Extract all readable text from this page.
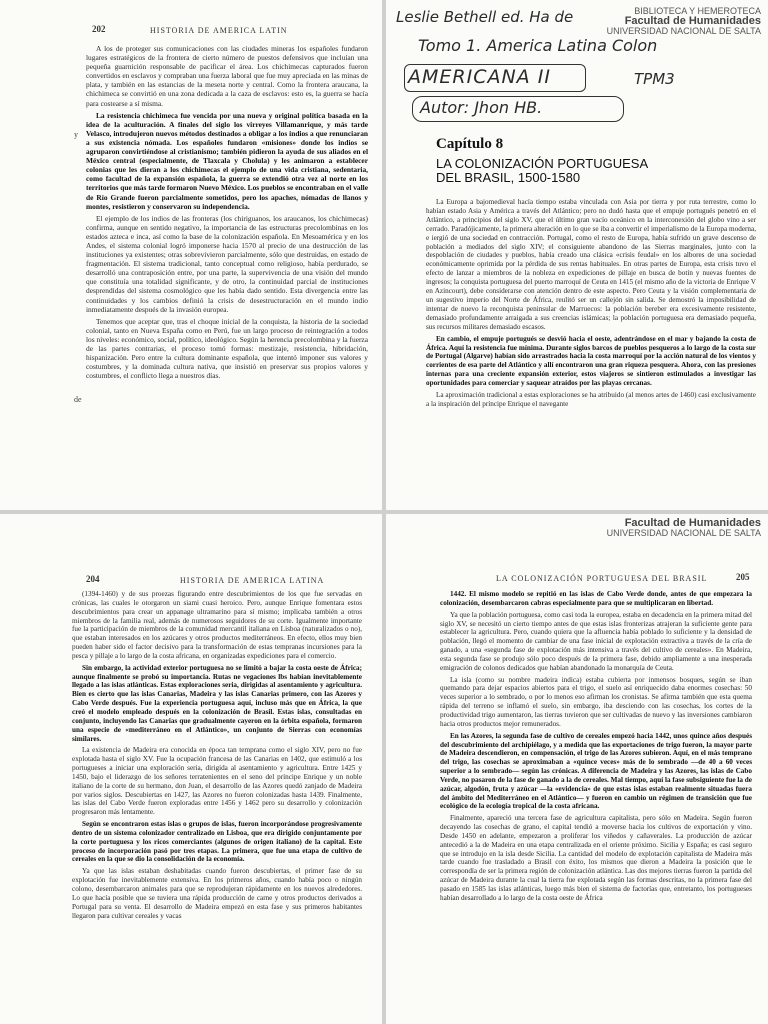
202	HISTORIA DE AMERICA LATIN

A los de proteger sus comunicaciones con las ciudades mineras los españoles fundaron lugares estratégicos de la frontera de cierto número de puestos defensivos que incluían una pequeña guarnición responsable de pacificar el área. Los chichimecas capturados fueron convertidos en esclavos y compraban una fuerza laboral que fue muy apreciada en las minas de plata, y también en las estancias de la meseta norte y central. Como la frontera araucana, la chichimeca se convirtió en una zona dedicada a la caza de esclavos: esto es, la guerra se hacía para costearse a sí misma.

La resistencia chichimeca fue vencida por una nueva y original política basada en la idea de la aculturación. A finales del siglo los virreyes Villamanrique, y más tarde Velasco, introdujeron nuevos métodos destinados a obligar a los indios a que renunciaran a sus existencia nómada. Los españoles fundaron «misiones» donde los indios se agruparon convirtiéndose al cristianismo; también pidieron la ayuda de sus aliados en el México central (especialmente, de Tlaxcala y Cholula) y les animaron a establecer colonias que les dieran a los chichimecas el ejemplo de una vida cristiana, sedentaria, como facultad de la expansión española, la guerra se extendió otra vez al norte en los territorios que más tarde formaron Nuevo México. Los pueblos se encontraban en el valle de Río Grande fueron parcialmente sometidos, pero los apaches, nómadas de llanos y montes, resistieron y conservaron su independencia.

El ejemplo de los indios de las fronteras (los chiriguanos, los araucanos, los chichimecas) confirma, aunque en sentido negativo, la importancia de las estructuras precolombinas en los estados azteca e inca, así como la base de la colonización española. En Mesoamérica y en los Andes, el sistema colonial logró imponerse hacia 1570 al precio de una destrucción de las instituciones ya existentes; otras sobrevivieron parcialmente, sólo que destruidas, en estado de fragmentación. El sistema tradicional, tanto conceptual como religioso, había perdurado, se desarrolló una contraposición entre, por una parte, la supervivencia de una visión del mundo que constituía una totalidad significante, y de otro, la continuidad parcial de instituciones desprendidas del sistema cosmológico que les había dado sentido. Esta divergencia entre las continuidades y los cambios definió la crisis de desestructuración en el mundo indio inmediatamente después de la invasión europea.

Tenemos que aceptar que, tras el choque inicial de la conquista, la historia de la sociedad colonial, tanto en Nueva España como en Perú, fue un largo proceso de reintegración a todos los niveles: económico, social, político, ideológico. Según la herencia precolombina y la fuerza de las partes contrarias, el proceso tomó formas: mestizaje, resistencia, hibridación, hispanización. Pero entre la cultura dominante española, que intentó imponer sus valores y costumbres, y la dominada cultura nativa, que insistió en preservar sus propios valores y costumbres, el conflicto llega a nuestros días.

y
de
Leslie Bethell ed. Ha de
Tomo 1. America Latina Colon
AMERICANA II	TPM3
Autor: Jhon HB.
BIBLIOTECA Y HEMEROTECA
Facultad de Humanidades
UNIVERSIDAD NACIONAL DE SALTA
Capítulo 8
LA COLONIZACIÓN PORTUGUESA
DEL BRASIL, 1500-1580

La Europa a bajomedieval hacía tiempo estaba vinculada con Asia por tierra y por ruta terrestre, como lo habían estado Asia y América a través del Atlántico; pero no dudó hasta que el empuje portugués penetró en el Atlántico, a principios del siglo XV, que el último gran vacío oceánico en la interconexión del globo vino a ser cerrado. Paradójicamente, la primera alteración en lo que se iba a convertir el imperialismo de la Europa moderna, e iergió de una sociedad en contracción. Portugal, como el resto de Europa, había sufrido un grave descenso de población a mediados del siglo XIV; el consiguiente abandono de las Sierras marginales, junto con la despoblación de ciudades y pueblos, había creado una clásica «crisis feudal» en los albores de una sociedad económicamente oprimida por la pérdida de sus rentas habituales. En otras partes de Europa, esta crisis tuvo el efecto de lanzar a miembros de la nobleza en expediciones de pillaje en busca de botín y nuevas fuentes de ingresos; la conquista portuguesa del puerto marroquí de Ceuta en 1415 (el mismo año de la victoria de Enrique V en Azincourt), debe considerarse con atención dentro de este aspecto. Pero Ceuta y la visión complementaria de un sugestivo imperio del Norte de África, reulitó ser un callejón sin salida. Se demostró la imposibilidad de intentar de nuevo la reconquista peninsular de Marruecos: la población bereber era excesivamente resistente, demasiado profundamente arraigada a sus creencias islámicas; la población portuguesa era demasiado pequeña, sus recursos militares demasiado escasos.

En cambio, el empuje portugués se desvió hacia el oeste, adentrándose en el mar y bajando la costa de África. Aquí la resistencia fue mínima. Durante siglos barcos de pueblos pesqueros a lo largo de la costa sur de Portugal (Algarve) habían sido arrastrados hacia la costa marroquí por la acción natural de los vientos y corrientes de esa parte del Atlántico y allí encontraron una gran riqueza pesquera. Ahora, con las presiones internas para una creciente expansión exterior, estos viajeros se sintieron estimulados a investigar las oportunidades para comerciar y saquear atraídos por las playas cercanas.

La aproximación tradicional a estas exploraciones se ha atribuido (al menos artes de 1460) casi exclusivamente a la inspiración del príncipe Enrique el navegante

204	HISTORIA DE AMERICA LATINA

(1394-1460) y de sus proezas figurando entre descubrimientos de los que fue servadas en crónicas, las cuales le otorgaron un siami cuasi heroico. Pero, aunque Enrique fomentara estos descubrimientos para crear un appanage ultramarino para sí mismo; implicaba también a otros miembros de la familia real, además de numerosos seguidores de su corte. Igualmente importante fue la participación de miembros de la comunidad mercantil italiana en Lisboa (naturalizados o no), que estaban interesados en los azúcares y otros productos mediterráneos. En efecto, ellos muy bien pueden haber sido el factor decisivo para la transformación de estas tempranas incursiones para la pesca y pillaje a lo largo de la costa africana, en organizadas expediciones para el comercio.

Sin embargo, la actividad exterior portuguesa no se limitó a bajar la costa oeste de África; aunque finalmente se probó su importancia. Rutas ne vegaciones lbs habían inevitablemente llegado a las islas atlánticas. Estas exploraciones seria, dirigidas al asentamiento y agricultura. Bien es cierto que las islas Canarias, Madeira y las islas Canarias primero, con las Azores y Cabo Verde después. Fue la experiencia portuguesa aquí, incluso más que en África, la que creó el modelo empleado después en la colonización de Brasil. Estas islas, consultadas en conjunto, incluyendo las Canarias que gradualmente cayeron en la órbita española, formaron una especie de «mediterráneo en el Atlántico», un conjunto de Sierras con economías similares.

La existencia de Madeira era conocida en época tan temprana como el siglo XIV, pero no fue explotada hasta el siglo XV. Fue la ocupación francesa de las Canarias en 1402, que estimuló a los portugueses a iniciar una exploración seria, dirigida al asentamiento y agricultura. Entre 1425 y 1450, bajo el liderazgo de los señores terratenientes en el seno del príncipe Enrique y un noble italiano de la corte de su hermano, don Juan, el desarrollo de las Azores quedó zanjado de Madeira por varios siglos. Descubiertas en 1427, las Azores no fueron colonizadas hasta 1439. Finalmente, las islas del Cabo Verde fueron exploradas entre 1456 y 1462 pero su desarrollo y colonización progresaron más lentamente.

Según se encontraron estas islas o grupos de islas, fueron incorporándose progresivamente dentro de un sistema colonizador centralizado en Lisboa, que era dirigido conjuntamente por la corte portuguesa y los ricos comerciantes (algunos de origen italiano) de la capital. Este proceso de incorporación pasó por tres etapas. La primera, que fue una etapa de cultivo de cereales en la que se dio la consolidación de la economía.

Ya que las islas estaban deshabitadas cuando fueron descubiertas, el primer fase de su explotación fue inevitablemente extensiva. En los primeros años, cuando había poco o ningún colono, desembarcaron animales para que se reprodujeran rápidamente en los nuevos alrededores. Lo que hacía posible que se tuviera una rápida producción de carne y otros productos derivados a Portugal para su venta. El desarrollo de Madeira empezó en esta fase y sus primeros habitantes llegaron para cultivar cereales y vacas

Facultad de Humanidades
UNIVERSIDAD NACIONAL DE SALTA
LA COLONIZACIÓN PORTUGUESA DEL BRASIL	205

1442. El mismo modelo se repitió en las islas de Cabo Verde donde, antes de que empezara la colonización, desembarcaron cabras especialmente para que se multiplicaran en libertad.

Ya que la población portuguesa, como casi toda la europea, estaba en decadencia en la primera mitad del siglo XV, se necesitó un cierto tiempo antes de que estas islas fronterizas atrajeran la suficiente gente para establecer la agricultura. Pero, cuando quiera que la afluencia había poblado lo suficiente y la densidad de población, llegó el momento de cambiar de una fase inicial de explotación extractiva a través de la cría de ganado, a una «segunda fase de explotación más intensiva a través del cultivo de cereales». En Madeira, esta segunda fase se produjo sólo poco después de la primera fase, debido ampliamente a una inesperada emigración de colonos dedicados que habían abandonado la monarquía de Ceuta.

La isla (como su nombre madeira indica) estaba cubierta por inmensos bosques, según se iban quemando para dejar espacios abiertos para el trigo, el suelo así enriquecido daba enormes cosechas: 50 veces superior a lo sembrado, o por lo menos eso afirman los cronistas. Se afirma también que esta quema rápida del terreno se inflamó el suelo, sin embargo, iba desciendo con las cosechas, los cortes de la productividad trigo aumentaron, las tierras tuvieron que ser cultivadas de nuevo y las inversiones cambiaron hacia otros productos mejor remunerados.

En las Azores, la segunda fase de cultivo de cereales empezó hacia 1442, unos quince años después del descubrimiento del archipiélago, y a medida que las exportaciones de trigo fueron, la mayor parte de Madeira descendieron, en compensación, el trigo de las Azores subieron. Aquí, en el más temprano del trigo, las cosechas se aproximaban a «quince veces» más de lo sembrado —de 40 a 60 veces superior a lo sembrado— según las crónicas. A diferencia de Madeira y las Azores, las islas de Cabo Verde, no pasaron de la fase de ganado a la de cereales. Mal tiempo, aquí la fase subsiguiente fue la de azúcar, algodón, fruta y azúcar —la «evidencia» de que estas islas estaban realmente situadas fuera del ámbito del Mediterráneo en el Atlántico— y fueron en cambio un régimen de transición que fue ecológico de la ecología tropical de la costa africana.

Finalmente, apareció una tercera fase de agricultura capitalista, pero sólo en Madeira. Según fueron decayendo las cosechas de grano, el capital tendió a moverse hacia los cultivos de exportación y vino. Desde 1450 en adelante, empezaron a proliferar los viñedos y cañaverales. La producción de azúcar antecedió a la de Madeira en una etapa centralizada en el oriente próximo. Sicilia y España; es casi seguro que se introdujo en la isla desde Sicilia. La cantidad del modelo de explotación capitalista de Madeira más tarde cuando fue trasladado a Brasil con éxito, los mismos que dieron a Madeira la posición que le correspondía de ser la primera región de colonización atlántica. Las dos mejores tierras fueron la partida del azúcar de Madeira durante la cual la tierra fue explotada según las formas descritas, no la primera fase del pasado en 1585 las islas atlánticas, luego más bien el sistema de factorías que, entretanto, los portugueses habían desarrollado a lo largo de la costa oeste de África
